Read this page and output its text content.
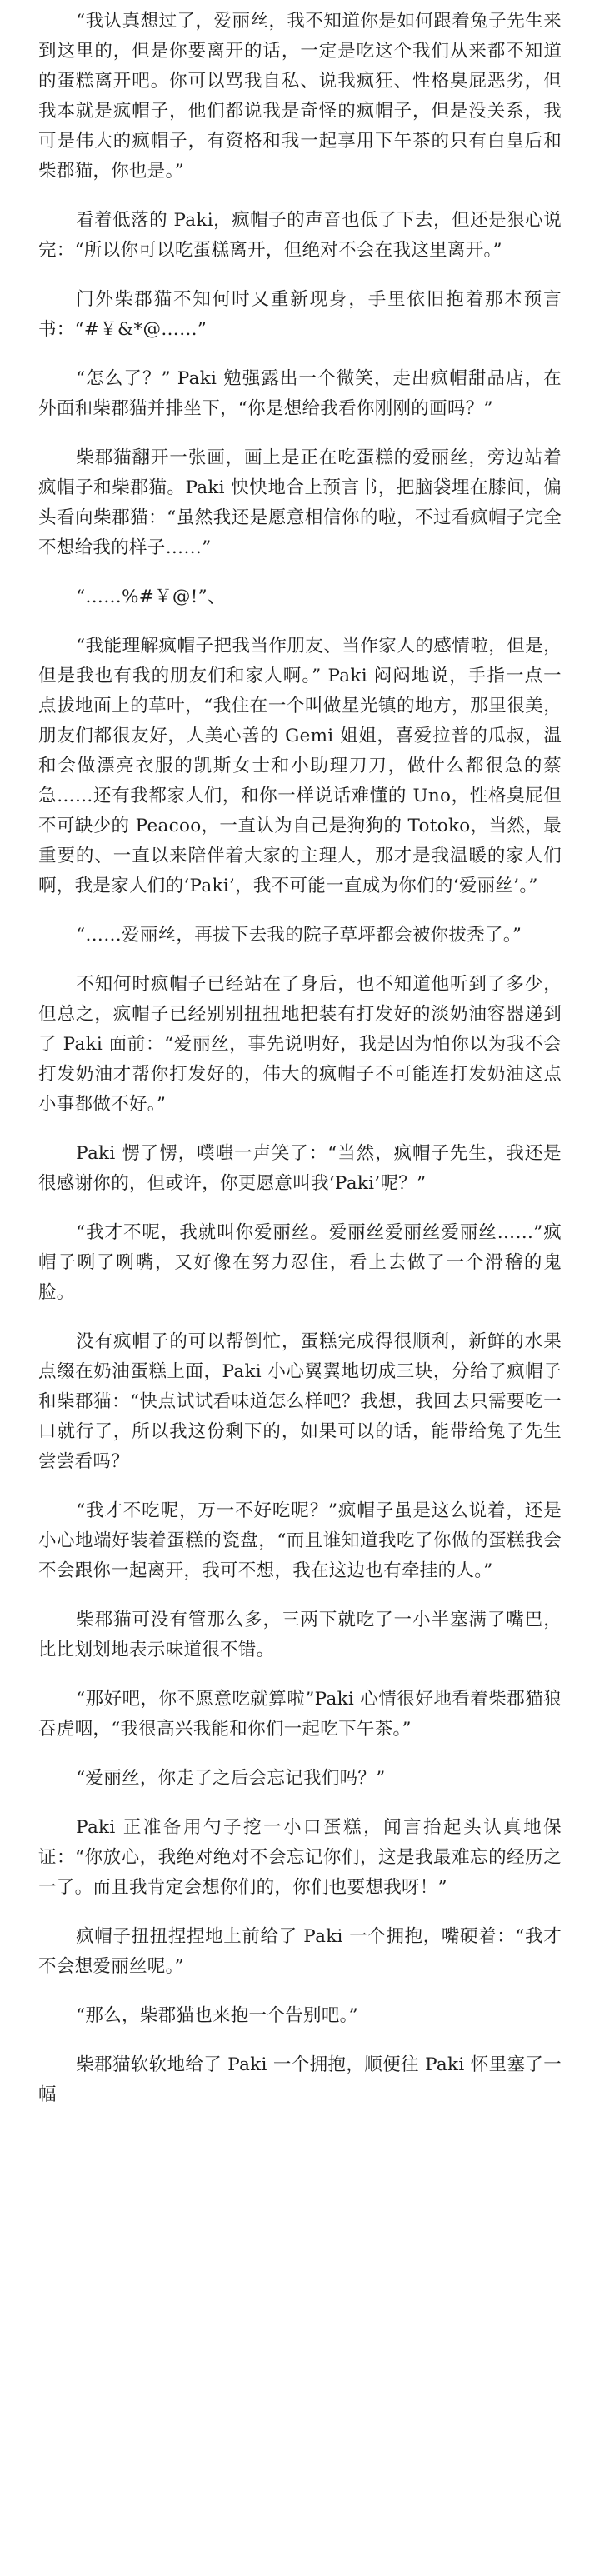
“我认真想过了，爱丽丝，我不知道你是如何跟着兔子先生来到这里的，但是你要离开的话，一定是吃这个我们从来都不知道的蛋糕离开吧。你可以骂我自私、说我疯狂、性格臭屁恶劣，但我本就是疯帽子，他们都说我是奇怪的疯帽子，但是没关系，我可是伟大的疯帽子，有资格和我一起享用下午茶的只有白皇后和柴郡猫，你也是。”

看着低落的 Paki，疯帽子的声音也低了下去，但还是狠心说完：“所以你可以吃蛋糕离开，但绝对不会在我这里离开。”

门外柴郡猫不知何时又重新现身，手里依旧抱着那本预言书：“#￥&*@……”

“怎么了？” Paki 勉强露出一个微笑，走出疯帽甜品店，在外面和柴郡猫并排坐下，“你是想给我看你刚刚的画吗？”

柴郡猫翻开一张画，画上是正在吃蛋糕的爱丽丝，旁边站着疯帽子和柴郡猫。Paki 怏怏地合上预言书，把脑袋埋在膝间，偏头看向柴郡猫：“虽然我还是愿意相信你的啦，不过看疯帽子完全不想给我的样子……”

“……%#￥@!”、

“我能理解疯帽子把我当作朋友、当作家人的感情啦，但是，但是我也有我的朋友们和家人啊。” Paki 闷闷地说，手指一点一点拔地面上的草叶，“我住在一个叫做星光镇的地方，那里很美，朋友们都很友好，人美心善的 Gemi 姐姐，喜爱拉普的瓜叔，温和会做漂亮衣服的凯斯女士和小助理刀刀，做什么都很急的蔡急……还有我都家人们，和你一样说话难懂的 Uno，性格臭屁但不可缺少的 Peacoo，一直认为自己是狗狗的 Totoko，当然，最重要的、一直以来陪伴着大家的主理人，那才是我温暖的家人们啊，我是家人们的‘Paki’，我不可能一直成为你们的‘爱丽丝’。”

“……爱丽丝，再拔下去我的院子草坪都会被你拔秃了。”

不知何时疯帽子已经站在了身后，也不知道他听到了多少，但总之，疯帽子已经别别扭扭地把装有打发好的淡奶油容器递到了 Paki 面前：“爱丽丝，事先说明好，我是因为怕你以为我不会打发奶油才帮你打发好的，伟大的疯帽子不可能连打发奶油这点小事都做不好。”

Paki 愣了愣，噗嗤一声笑了：“当然，疯帽子先生，我还是很感谢你的，但或许，你更愿意叫我‘Paki’呢？”

“我才不呢，我就叫你爱丽丝。爱丽丝爱丽丝爱丽丝……”疯帽子咧了咧嘴，又好像在努力忍住，看上去做了一个滑稽的鬼脸。

没有疯帽子的可以帮倒忙，蛋糕完成得很顺利，新鲜的水果点缀在奶油蛋糕上面，Paki 小心翼翼地切成三块，分给了疯帽子和柴郡猫：“快点试试看味道怎么样吧？我想，我回去只需要吃一口就行了，所以我这份剩下的，如果可以的话，能带给兔子先生尝尝看吗？

“我才不吃呢，万一不好吃呢？”疯帽子虽是这么说着，还是小心地端好装着蛋糕的瓷盘，“而且谁知道我吃了你做的蛋糕我会不会跟你一起离开，我可不想，我在这边也有牵挂的人。”

柴郡猫可没有管那么多，三两下就吃了一小半塞满了嘴巴，比比划划地表示味道很不错。

“那好吧，你不愿意吃就算啦”Paki 心情很好地看着柴郡猫狼吞虎咽，“我很高兴我能和你们一起吃下午茶。”

“爱丽丝，你走了之后会忘记我们吗？”

Paki 正准备用勺子挖一小口蛋糕，闻言抬起头认真地保证：“你放心，我绝对绝对不会忘记你们，这是我最难忘的经历之一了。而且我肯定会想你们的，你们也要想我呀！”

疯帽子扭扭捏捏地上前给了 Paki 一个拥抱，嘴硬着：“我才不会想爱丽丝呢。”

“那么，柴郡猫也来抱一个告别吧。”

柴郡猫软软地给了 Paki 一个拥抱，顺便往 Paki 怀里塞了一幅
